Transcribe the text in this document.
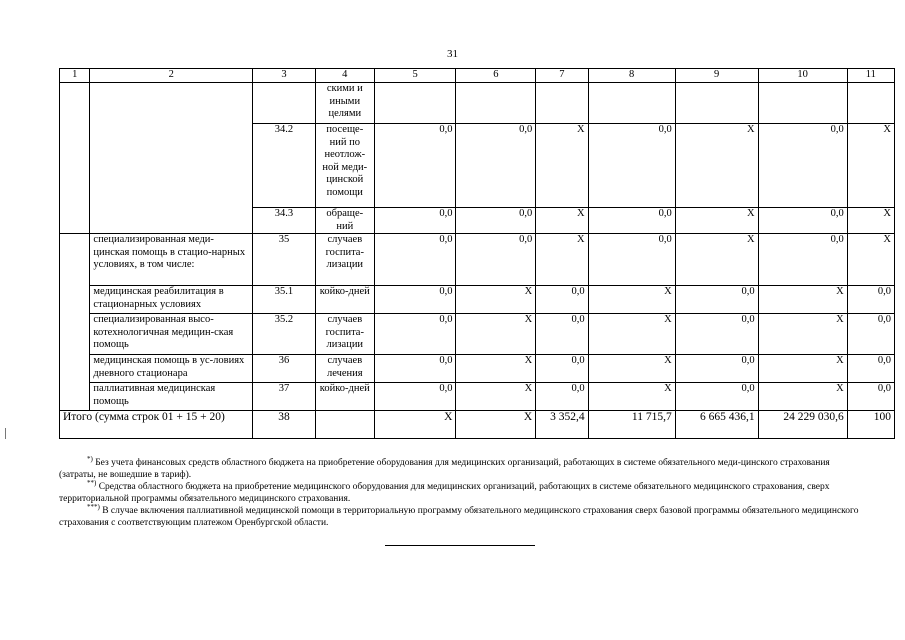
31
1	2	3	4	5	6	7	8	9	10	11
			скими и иными целями							
		34.2	посеще-ний по неотлож-ной меди-цинской помощи	0,0	0,0	Х	0,0	Х	0,0	Х
		34.3	обраще-ний	0,0	0,0	Х	0,0	Х	0,0	Х
	специализированная меди-цинская помощь в стацио-нарных условиях, в том числе:	35	случаев госпита-лизации	0,0	0,0	Х	0,0	Х	0,0	Х
	медицинская реабилитация в стационарных условиях	35.1	койко-дней	0,0	Х	0,0	Х	0,0	Х	0,0
	специализированная высо-котехнологичная медицин-ская помощь	35.2	случаев госпита-лизации	0,0	Х	0,0	Х	0,0	Х	0,0
	медицинская помощь в ус-ловиях дневного стационара	36	случаев лечения	0,0	Х	0,0	Х	0,0	Х	0,0
	паллиативная медицинская помощь	37	койко-дней	0,0	Х	0,0	Х	0,0	Х	0,0
Итого (сумма строк 01 + 15 + 20)		38		Х	Х	3 352,4	11 715,7	6 665 436,1	24 229 030,6	100

*) Без учета финансовых средств областного бюджета на приобретение оборудования для медицинских организаций, работающих в системе обязательного меди-цинского страхования (затраты, не вошедшие в тариф).

**) Средства областного бюджета на приобретение медицинского оборудования для медицинских организаций, работающих в системе обязательного медицинского страхования, сверх территориальной программы обязательного медицинского страхования.

***) В случае включения паллиативной медицинской помощи в территориальную программу обязательного медицинского страхования сверх базовой программы обязательного медицинского страхования с соответствующим платежом Оренбургской области.
